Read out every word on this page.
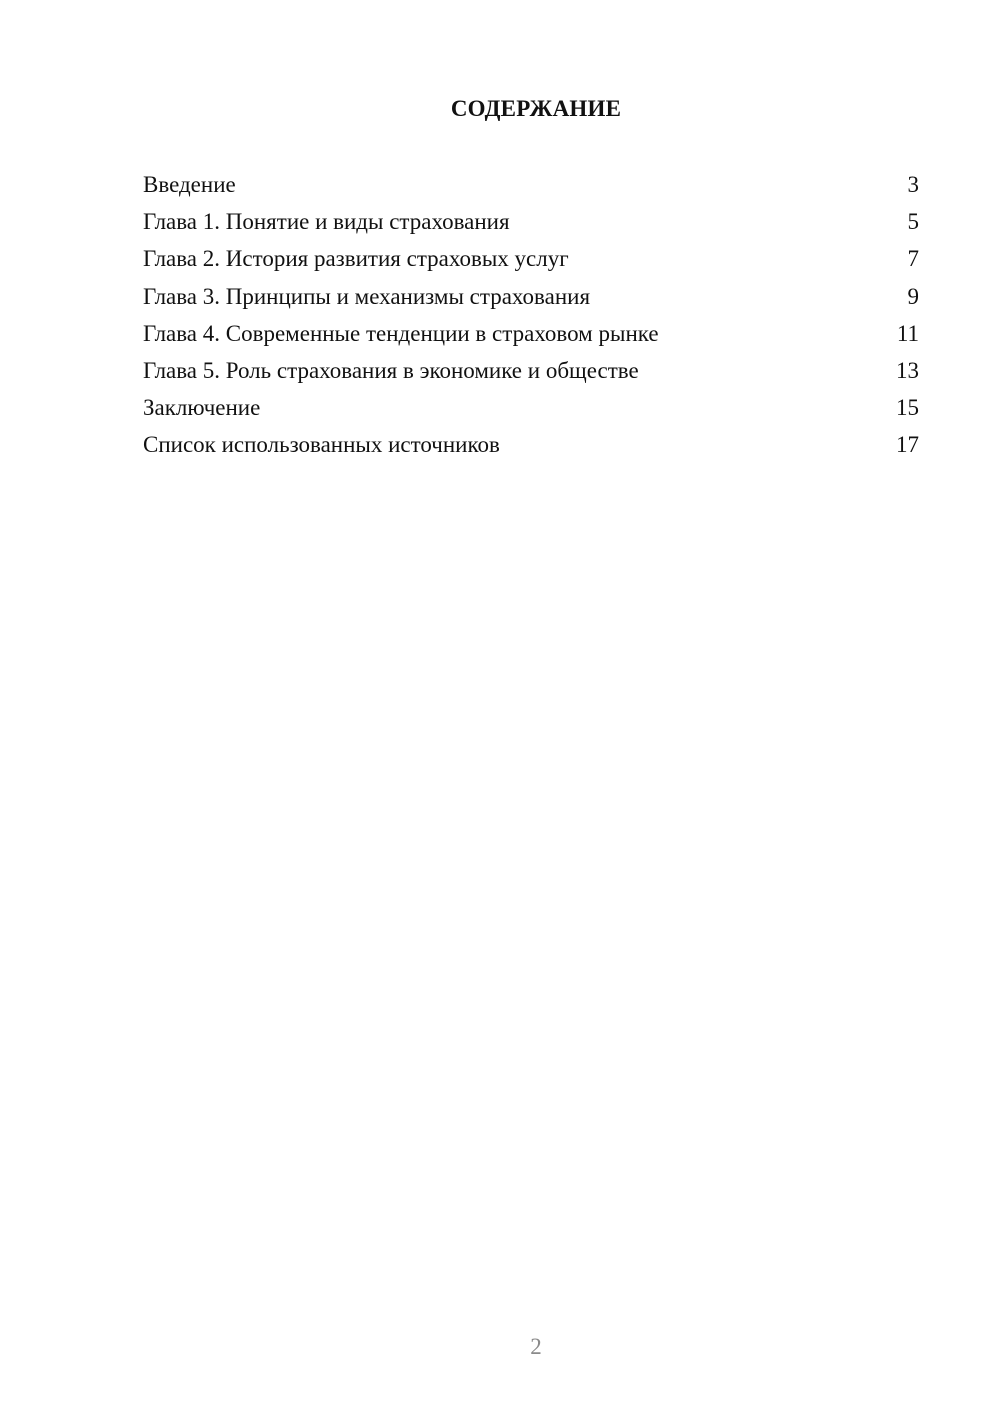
СОДЕРЖАНИЕ
Введение	3
Глава 1. Понятие и виды страхования	5
Глава 2. История развития страховых услуг	7
Глава 3. Принципы и механизмы страхования	9
Глава 4. Современные тенденции в страховом рынке	11
Глава 5. Роль страхования в экономике и обществе	13
Заключение	15
Список использованных источников	17
2
